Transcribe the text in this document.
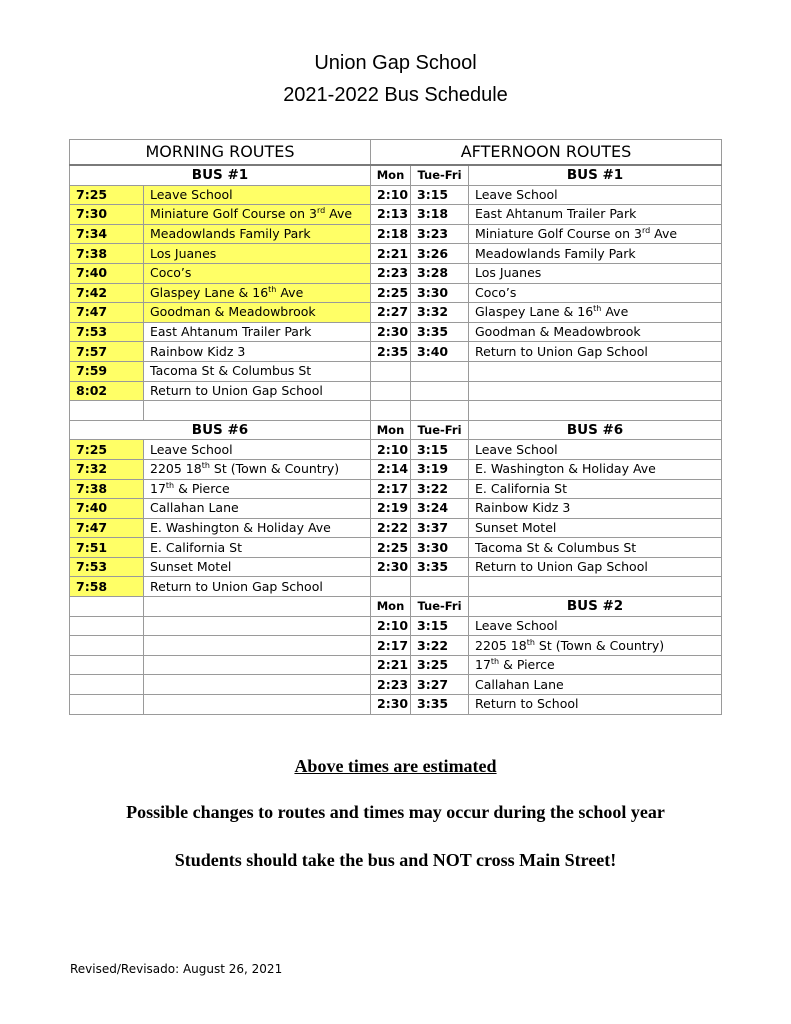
Union Gap School
2021-2022 Bus Schedule
MORNING ROUTES		AFTERNOON ROUTES		
BUS #1		Mon	Tue-Fri	BUS #1
7:25	Leave School	2:10	3:15	Leave School
7:30	Miniature Golf Course on 3rd Ave	2:13	3:18	East Ahtanum Trailer Park
7:34	Meadowlands Family Park	2:18	3:23	Miniature Golf Course on 3rd Ave
7:38	Los Juanes	2:21	3:26	Meadowlands Family Park
7:40	Coco’s	2:23	3:28	Los Juanes
7:42	Glaspey Lane & 16th Ave	2:25	3:30	Coco’s
7:47	Goodman & Meadowbrook	2:27	3:32	Glaspey Lane & 16th Ave
7:53	East Ahtanum Trailer Park	2:30	3:35	Goodman & Meadowbrook
7:57	Rainbow Kidz 3	2:35	3:40	Return to Union Gap School
7:59	Tacoma St & Columbus St			
8:02	Return to Union Gap School			

BUS #6		Mon	Tue-Fri	BUS #6
7:25	Leave School	2:10	3:15	Leave School
7:32	2205 18th St (Town & Country)	2:14	3:19	E. Washington & Holiday Ave
7:38	17th & Pierce	2:17	3:22	E. California St
7:40	Callahan Lane	2:19	3:24	Rainbow Kidz 3
7:47	E. Washington & Holiday Ave	2:22	3:37	Sunset Motel
7:51	E. California St	2:25	3:30	Tacoma St & Columbus St
7:53	Sunset Motel	2:30	3:35	Return to Union Gap School
7:58	Return to Union Gap School			
		Mon	Tue-Fri	BUS #2
		2:10	3:15	Leave School
		2:17	3:22	2205 18th St (Town & Country)
		2:21	3:25	17th & Pierce
		2:23	3:27	Callahan Lane
		2:30	3:35	Return to School
Above times are estimated
Possible changes to routes and times may occur during the school year
Students should take the bus and NOT cross Main Street!
Revised/Revisado: August 26, 2021
